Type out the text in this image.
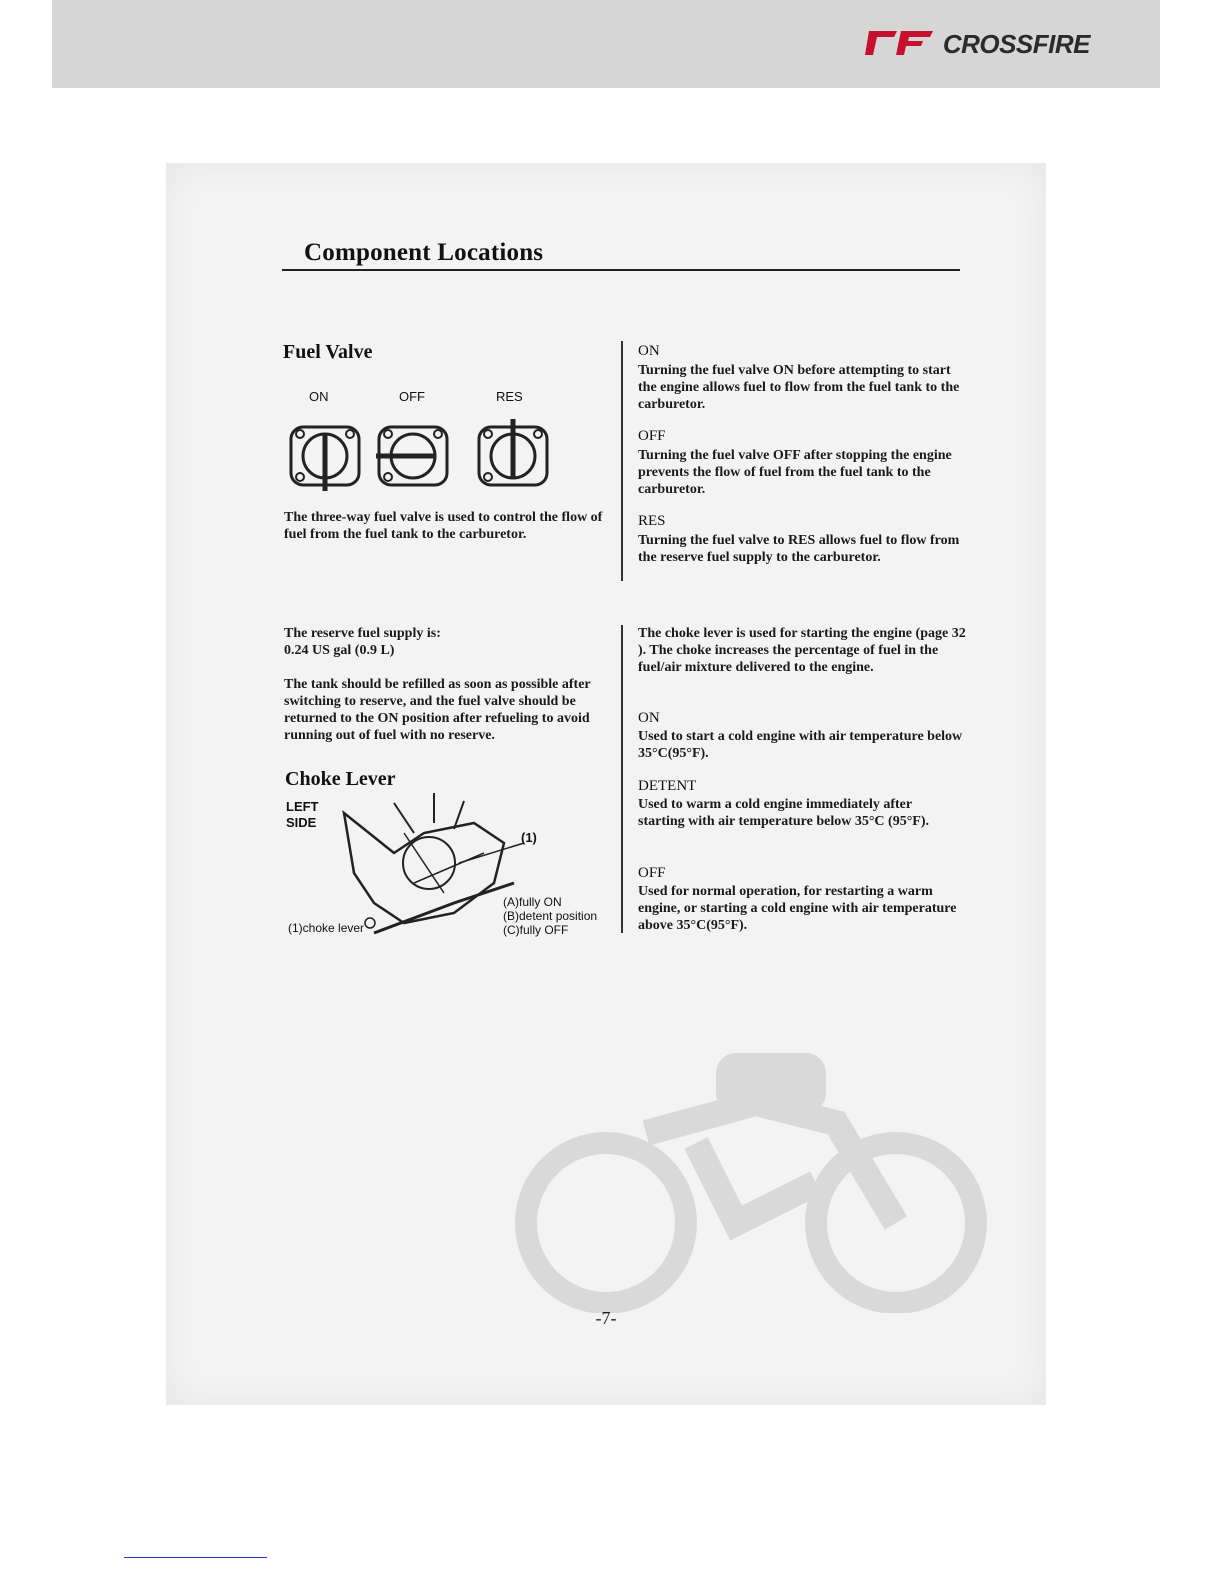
CROSSFIRE
Component Locations
Fuel Valve
ON	OFF	RES
The three-way fuel valve is used to control the flow of fuel from the fuel tank to the carburetor.
ON
Turning the fuel valve ON before attempting to start the engine allows fuel to flow from the fuel tank to the carburetor.
OFF
Turning the fuel valve OFF after stopping the engine prevents the flow of fuel from the fuel tank to the carburetor.
RES
Turning the fuel valve to RES allows fuel to flow from the reserve fuel supply to the carburetor.
The reserve fuel supply is:
0.24 US gal (0.9 L)
The tank should be refilled as soon as possible after switching to reserve, and the fuel valve should be returned to the ON position after refueling to avoid running out of fuel with no reserve.
Choke Lever
LEFT
SIDE
(1)
(1)choke lever
(A)fully ON
(B)detent position
(C)fully OFF
The choke lever is used for starting the engine (page 32 ). The choke increases the percentage of fuel in the fuel/air mixture delivered to the engine.
ON
Used to start a cold engine with air temperature below 35°C(95°F).
DETENT
Used to warm a cold engine immediately after starting with air temperature below 35°C (95°F).
OFF
Used for normal operation, for restarting a warm engine, or starting a cold engine with air temperature above 35°C(95°F).
-7-
